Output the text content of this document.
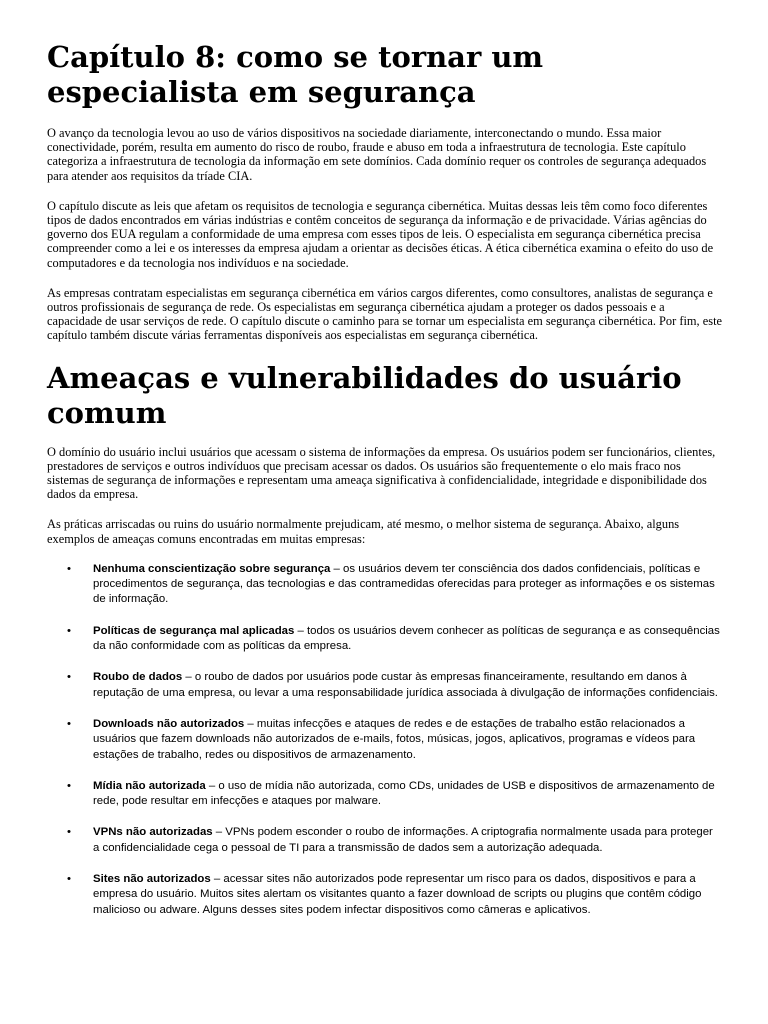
Capítulo 8: como se tornar um especialista em segurança

O avanço da tecnologia levou ao uso de vários dispositivos na sociedade diariamente, interconectando o mundo. Essa maior conectividade, porém, resulta em aumento do risco de roubo, fraude e abuso em toda a infraestrutura de tecnologia. Este capítulo categoriza a infraestrutura de tecnologia da informação em sete domínios. Cada domínio requer os controles de segurança adequados para atender aos requisitos da tríade CIA.

O capítulo discute as leis que afetam os requisitos de tecnologia e segurança cibernética. Muitas dessas leis têm como foco diferentes tipos de dados encontrados em várias indústrias e contêm conceitos de segurança da informação e de privacidade. Várias agências do governo dos EUA regulam a conformidade de uma empresa com esses tipos de leis. O especialista em segurança cibernética precisa compreender como a lei e os interesses da empresa ajudam a orientar as decisões éticas. A ética cibernética examina o efeito do uso de computadores e da tecnologia nos indivíduos e na sociedade.

As empresas contratam especialistas em segurança cibernética em vários cargos diferentes, como consultores, analistas de segurança e outros profissionais de segurança de rede. Os especialistas em segurança cibernética ajudam a proteger os dados pessoais e a capacidade de usar serviços de rede. O capítulo discute o caminho para se tornar um especialista em segurança cibernética. Por fim, este capítulo também discute várias ferramentas disponíveis aos especialistas em segurança cibernética.

Ameaças e vulnerabilidades do usuário comum

O domínio do usuário inclui usuários que acessam o sistema de informações da empresa. Os usuários podem ser funcionários, clientes, prestadores de serviços e outros indivíduos que precisam acessar os dados. Os usuários são frequentemente o elo mais fraco nos sistemas de segurança de informações e representam uma ameaça significativa à confidencialidade, integridade e disponibilidade dos dados da empresa.

As práticas arriscadas ou ruins do usuário normalmente prejudicam, até mesmo, o melhor sistema de segurança. Abaixo, alguns exemplos de ameaças comuns encontradas em muitas empresas:

• Nenhuma conscientização sobre segurança – os usuários devem ter consciência dos dados confidenciais, políticas e procedimentos de segurança, das tecnologias e das contramedidas oferecidas para proteger as informações e os sistemas de informação.
• Políticas de segurança mal aplicadas – todos os usuários devem conhecer as políticas de segurança e as consequências da não conformidade com as políticas da empresa.
• Roubo de dados – o roubo de dados por usuários pode custar às empresas financeiramente, resultando em danos à reputação de uma empresa, ou levar a uma responsabilidade jurídica associada à divulgação de informações confidenciais.
• Downloads não autorizados – muitas infecções e ataques de redes e de estações de trabalho estão relacionados a usuários que fazem downloads não autorizados de e-mails, fotos, músicas, jogos, aplicativos, programas e vídeos para estações de trabalho, redes ou dispositivos de armazenamento.
• Mídia não autorizada – o uso de mídia não autorizada, como CDs, unidades de USB e dispositivos de armazenamento de rede, pode resultar em infecções e ataques por malware.
• VPNs não autorizadas – VPNs podem esconder o roubo de informações. A criptografia normalmente usada para proteger a confidencialidade cega o pessoal de TI para a transmissão de dados sem a autorização adequada.
• Sites não autorizados – acessar sites não autorizados pode representar um risco para os dados, dispositivos e para a empresa do usuário. Muitos sites alertam os visitantes quanto a fazer download de scripts ou plugins que contêm código malicioso ou adware. Alguns desses sites podem infectar dispositivos como câmeras e aplicativos.
